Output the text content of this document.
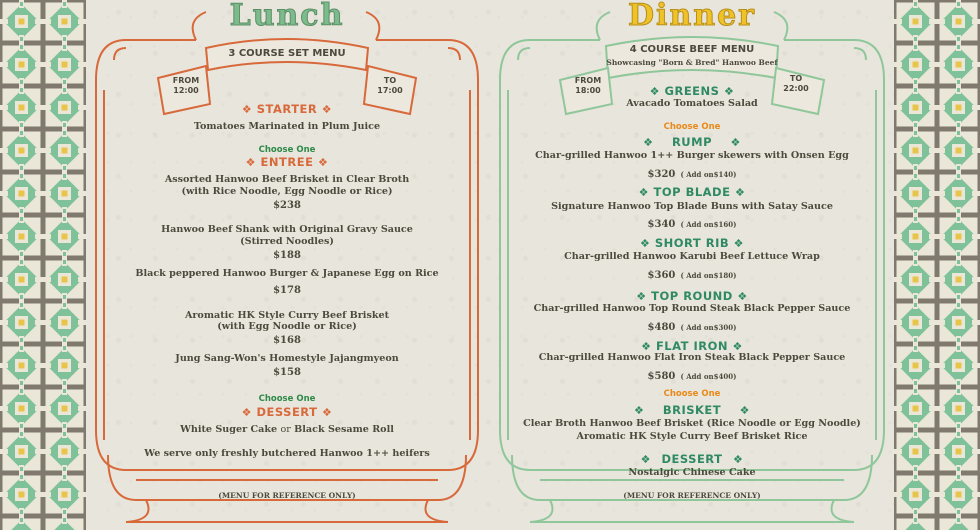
Lunch
3 COURSE SET MENU
FROM
12:00
TO
17:00
❖ STARTER ❖
Tomatoes Marinated in Plum Juice
Choose One
❖ ENTREE ❖
Assorted Hanwoo Beef Brisket in Clear Broth
(with Rice Noodle, Egg Noodle or Rice)
$238
Hanwoo Beef Shank with Original Gravy Sauce
(Stirred Noodles)
$188
Black peppered Hanwoo Burger & Japanese Egg on Rice
$178
Aromatic HK Style Curry Beef Brisket
(with Egg Noodle or Rice)
$168
Jung Sang-Won's Homestyle Jajangmyeon
$158
Choose One
❖ DESSERT ❖
White Suger Cake or Black Sesame Roll
We serve only freshly butchered Hanwoo 1++ heifers
(MENU FOR REFERENCE ONLY)
Dinner
4 COURSE BEEF MENU
Showcasing "Born & Bred" Hanwoo Beef
FROM
18:00
TO
22:00
❖ GREENS ❖
Avacado Tomatoes Salad
Choose One
❖ RUMP ❖
Char-grilled Hanwoo 1++ Burger skewers with Onsen Egg
$320 ( Add on$140)
❖ TOP BLADE ❖
Signature Hanwoo Top Blade Buns with Satay Sauce
$340 ( Add on$160)
❖ SHORT RIB ❖
Char-grilled Hanwoo Karubi Beef Lettuce Wrap
$360 ( Add on$180)
❖ TOP ROUND ❖
Char-grilled Hanwoo Top Round Steak Black Pepper Sauce
$480 ( Add on$300)
❖ FLAT IRON ❖
Char-grilled Hanwoo Flat Iron Steak Black Pepper Sauce
$580 ( Add on$400)
Choose One
❖ BRISKET ❖
Clear Broth Hanwoo Beef Brisket (Rice Noodle or Egg Noodle)
Aromatic HK Style Curry Beef Brisket Rice
❖ DESSERT ❖
Nostalgic Chinese Cake
(MENU FOR REFERENCE ONLY)
